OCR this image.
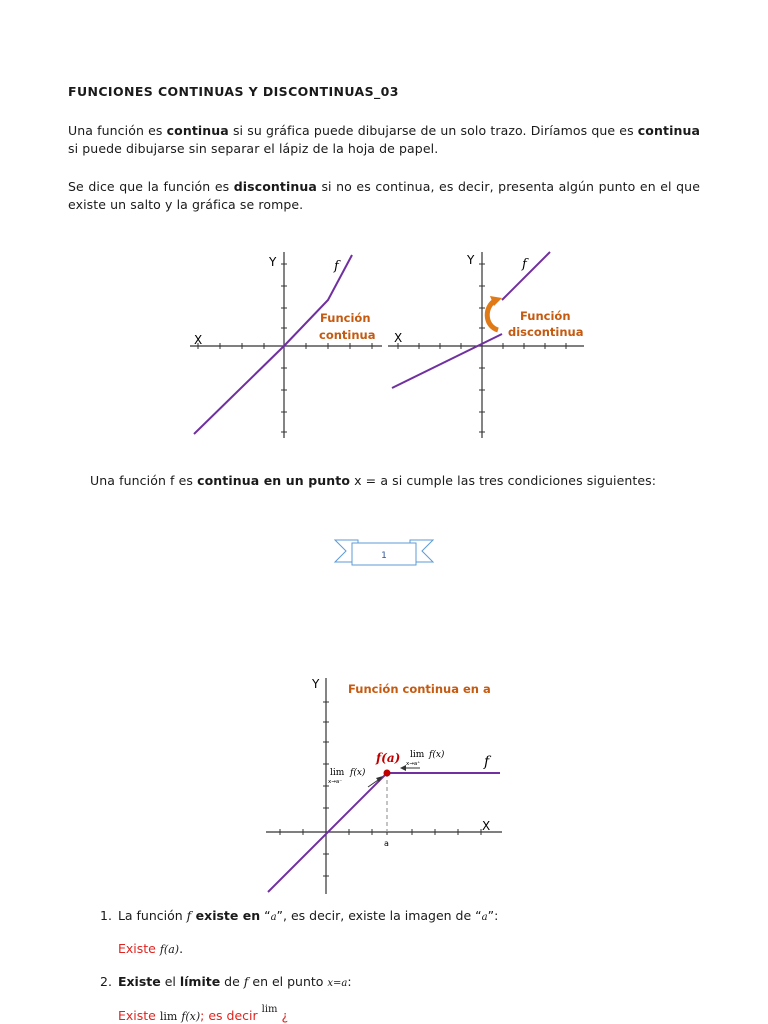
FUNCIONES CONTINUAS Y DISCONTINUAS_03
Una función es continua si su gráfica puede dibujarse de un solo trazo. Diríamos que es continua si puede dibujarse sin separar el lápiz de la hoja de papel.
Se dice que la función es discontinua si no es continua, es decir, presenta algún punto en el que existe un salto y la gráfica se rompe.
Y
X
f
Función
continua
Y
X
f
Función
discontinua
Una función f es continua en un punto x = a si cumple las tres condiciones siguientes:
1
Y
X
Función continua en a
f(a)	f
a
lim f(x)
x→a⁻
lim f(x)
x→a⁺
1. La función f existe en “a”, es decir, existe la imagen de “a”:
Existe f(a).
2. Existe el límite de f en el punto x=a:
Existe lim f(x); es decir $^{lim}$ ¿
